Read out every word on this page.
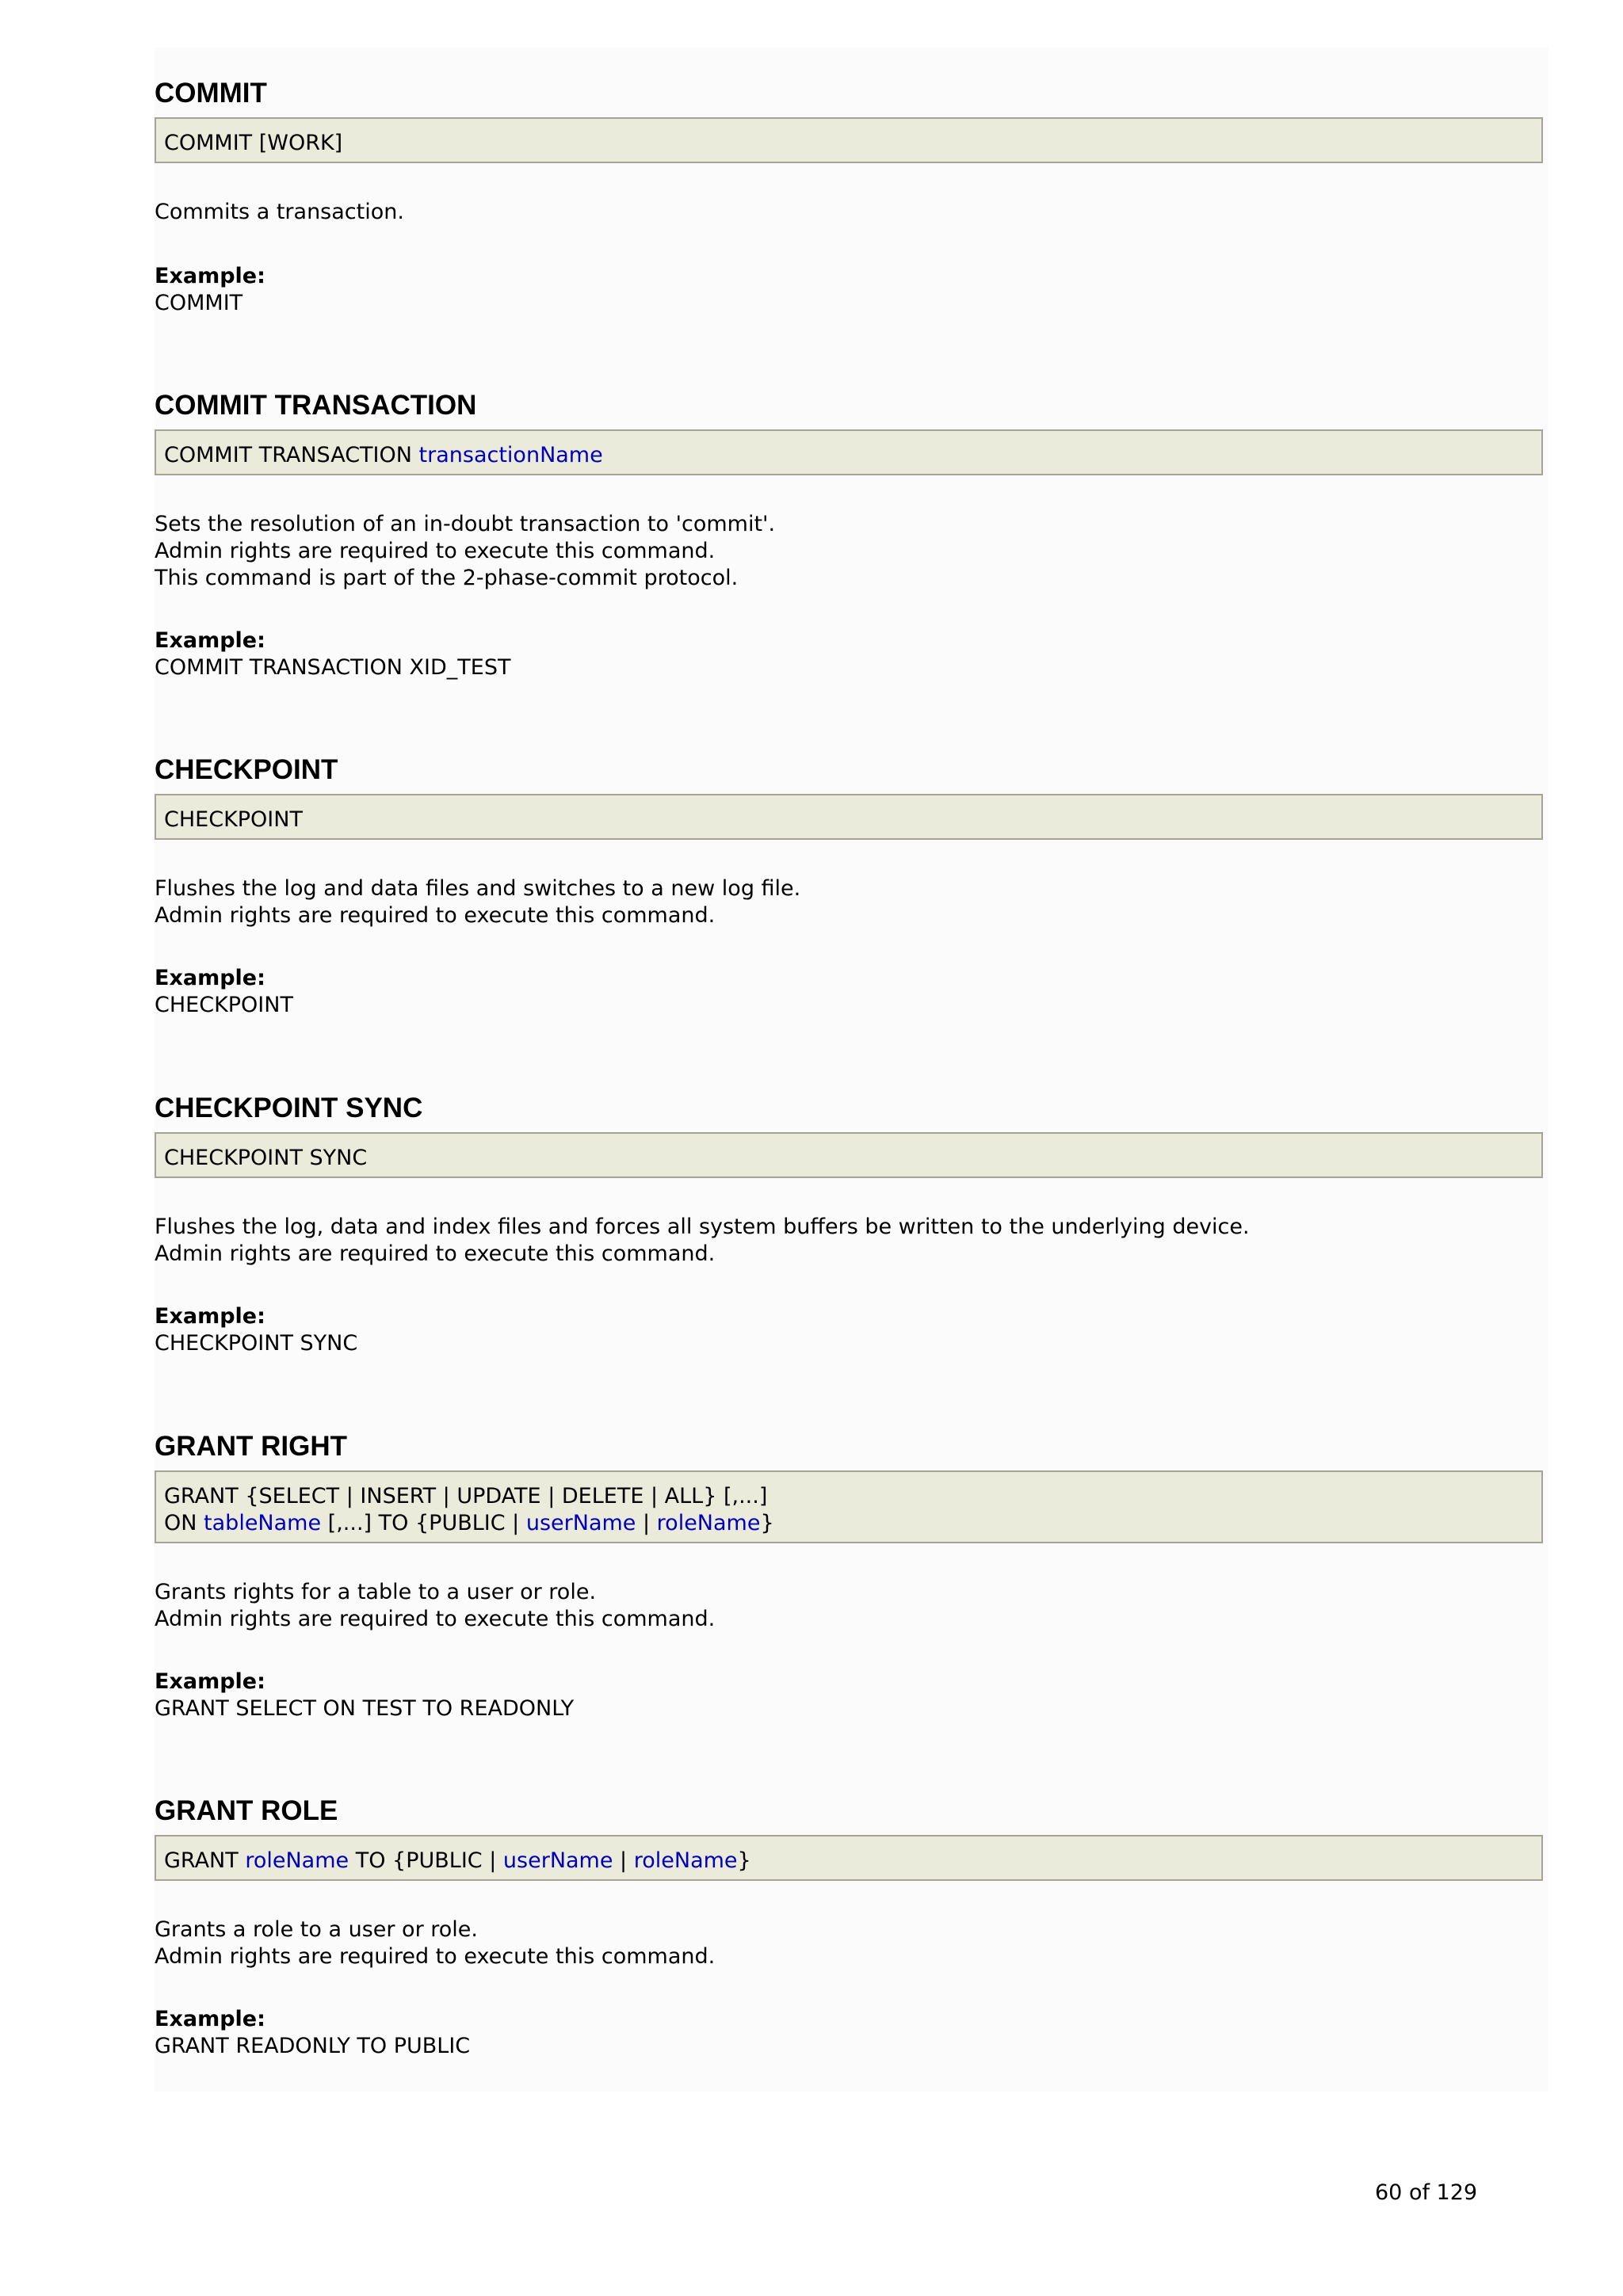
COMMIT
COMMIT [WORK]
Commits a transaction.
Example:
COMMIT
COMMIT TRANSACTION
COMMIT TRANSACTION transactionName
Sets the resolution of an in-doubt transaction to 'commit'.
Admin rights are required to execute this command.
This command is part of the 2-phase-commit protocol.
Example:
COMMIT TRANSACTION XID_TEST
CHECKPOINT
CHECKPOINT
Flushes the log and data files and switches to a new log file.
Admin rights are required to execute this command.
Example:
CHECKPOINT
CHECKPOINT SYNC
CHECKPOINT SYNC
Flushes the log, data and index files and forces all system buffers be written to the underlying device.
Admin rights are required to execute this command.
Example:
CHECKPOINT SYNC
GRANT RIGHT
GRANT {SELECT | INSERT | UPDATE | DELETE | ALL} [,...]
ON tableName [,...] TO {PUBLIC | userName | roleName}
Grants rights for a table to a user or role.
Admin rights are required to execute this command.
Example:
GRANT SELECT ON TEST TO READONLY
GRANT ROLE
GRANT roleName TO {PUBLIC | userName | roleName}
Grants a role to a user or role.
Admin rights are required to execute this command.
Example:
GRANT READONLY TO PUBLIC
60 of 129
